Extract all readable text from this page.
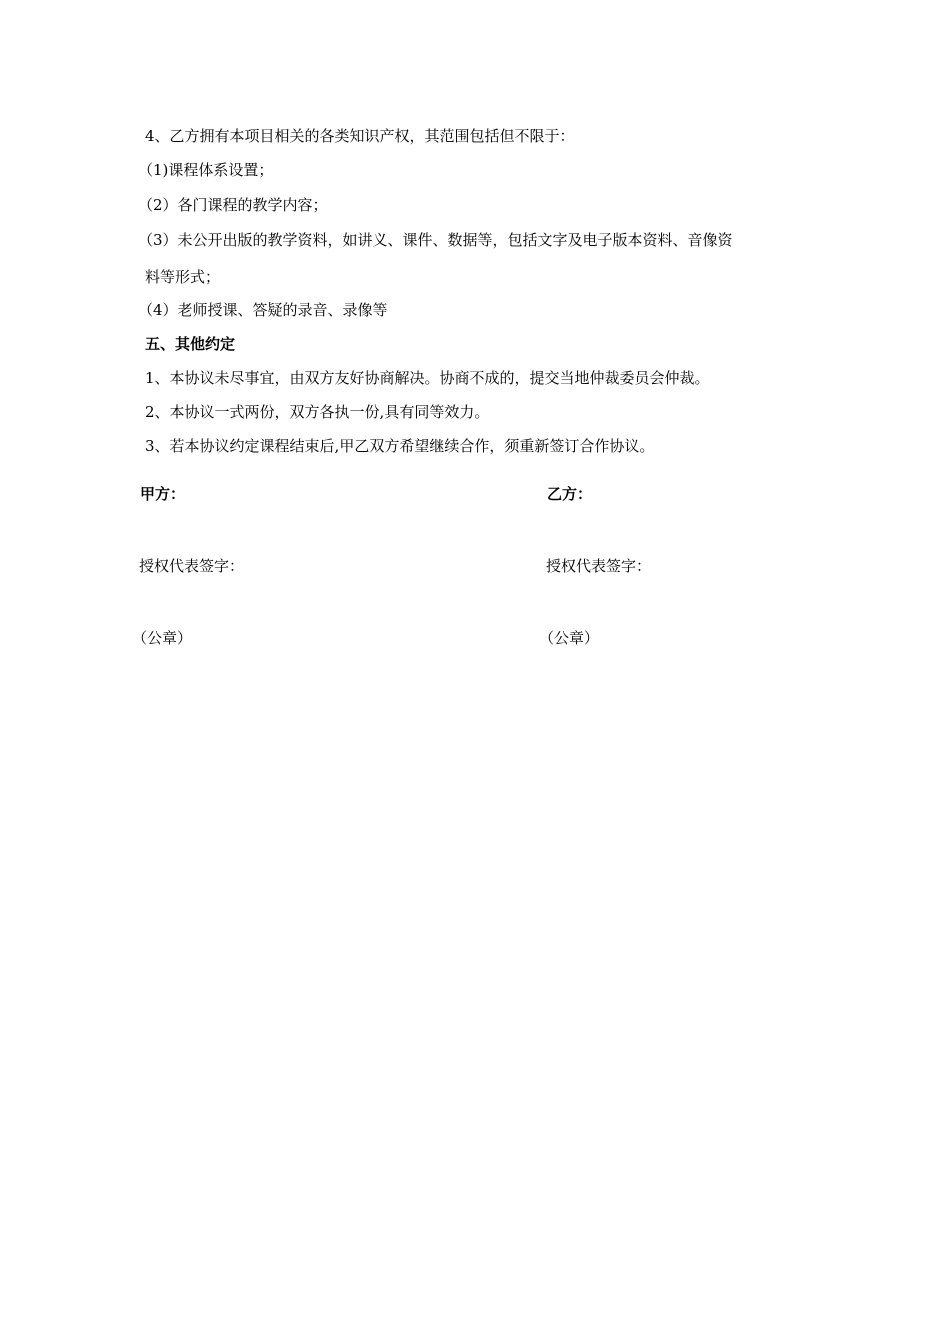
4、乙方拥有本项目相关的各类知识产权，其范围包括但不限于：
（1)课程体系设置；
（2）各门课程的教学内容；
（3）未公开出版的教学资料，如讲义、课件、数据等，包括文字及电子版本资料、音像资
料等形式；
（4）老师授课、答疑的录音、录像等
五、其他约定
1、本协议未尽事宜，由双方友好协商解决。协商不成的，提交当地仲裁委员会仲裁。
2、本协议一式两份，双方各执一份,具有同等效力。
3、若本协议约定课程结束后,甲乙双方希望继续合作，须重新签订合作协议。
甲方：	乙方：
授权代表签字：	授权代表签字：
（公章）	（公章）
